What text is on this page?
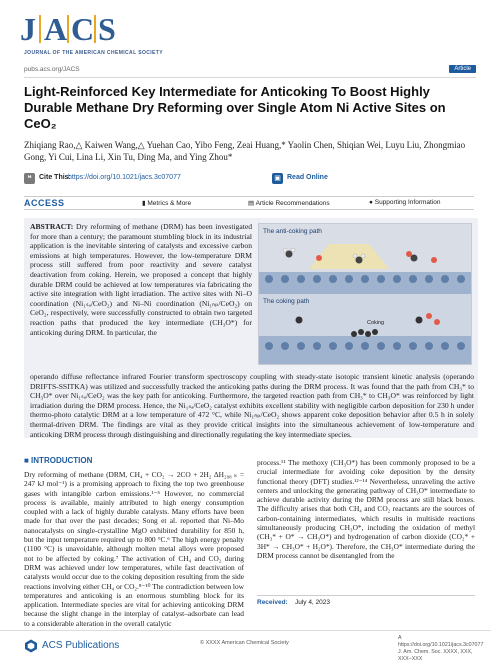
J A C S
JOURNAL OF THE AMERICAN CHEMICAL SOCIETY
pubs.acs.org/JACS	Article
Light-Reinforced Key Intermediate for Anticoking To Boost Highly Durable Methane Dry Reforming over Single Atom Ni Active Sites on CeO₂
Zhiqiang Rao,△ Kaiwen Wang,△ Yuehan Cao, Yibo Feng, Zeai Huang,* Yaolin Chen, Shiqian Wei, Luyu Liu, Zhongmiao Gong, Yi Cui, Lina Li, Xin Tu, Ding Ma, and Ying Zhou*
❝	Cite This:
https://doi.org/10.1021/jacs.3c07077	▣ Read Online
ACCESS	▮ Metrics & More	▤ Article Recommendations	● Supporting Information

ABSTRACT: Dry reforming of methane (DRM) has been investigated for more than a century; the paramount stumbling block in its industrial application is the inevitable sintering of catalysts and excessive carbon emissions at high temperatures. However, the low-temperature DRM process still suffered from poor reactivity and severe catalyst deactivation from coking. Herein, we proposed a concept that highly durable DRM could be achieved at low temperatures via fabricating the active site integration with light irradiation. The active sites with Ni–O coordination (Ni₁ₛₐ/CeO₂) and Ni–Ni coordination (Ni₁ₙₚ/CeO₂) on CeO₂, respectively, were successfully constructed to obtain two targeted reaction paths that produced the key intermediate (CH₃O*) for anticoking during DRM. In particular, the

The anti-coking path
The coking path
Coking

operando diffuse reflectance infrared Fourier transform spectroscopy coupling with steady-state isotopic transient kinetic analysis (operando DRIFTS-SSITKA) was utilized and successfully tracked the anticoking paths during the DRM process. It was found that the path from CH₃* to CH₃O* over Ni₁ₛₐ/CeO₂ was the key path for anticoking. Furthermore, the targeted reaction path from CH₃* to CH₃O* was reinforced by light irradiation during the DRM process. Hence, the Ni₁ₛₐ/CeO₂ catalyst exhibits excellent stability with negligible carbon deposition for 230 h under thermo-photo catalytic DRM at a low temperature of 472 °C, while Ni₁ₙₚ/CeO₂ shows apparent coke deposition behavior after 0.5 h in solely thermal-driven DRM. The findings are vital as they provide critical insights into the simultaneous achievement of low-temperature and anticoking DRM process through distinguishing and directionally regulating the key intermediate species.

■ INTRODUCTION

Dry reforming of methane (DRM, CH₄ + CO₂ → 2CO + 2H₂ ΔH₂₉₈ ₖ = 247 kJ mol⁻¹) is a promising approach to fixing the top two greenhouse gases with intangible carbon emissions.¹⁻⁵ However, no commercial process is available, mainly attributed to high energy consumption coupled with a lack of highly durable catalysts. Many efforts have been made for that over the past decades; Song et al. reported that Ni–Mo nanocatalysts on single-crystalline MgO exhibited durability for 850 h, but the input temperature required up to 800 °C.⁶ The high energy penalty (1100 °C) is unavoidable, although molten metal alloys were proposed not to be affected by coking.⁷ The activation of CH₄ and CO₂ during DRM was achieved under low temperatures, while fast deactivation of catalysts would occur due to the coking deposition resulting from the side reactions involving either CH₄ or CO₂.⁸⁻¹⁰ The contradiction between low temperatures and anticoking is an enormous stumbling block for its application. Intermediate species are vital for achieving anticoking DRM because the slight change in the interplay of catalyst–adsorbate can lead to a considerable alteration in the overall catalytic

process.¹¹ The methoxy (CH₃O*) has been commonly proposed to be a crucial intermediate for avoiding coke deposition by the density functional theory (DFT) studies.¹²⁻¹⁴ Nevertheless, unraveling the active centers and unlocking the generating pathway of CH₃O* intermediate to achieve durable activity during the DRM process are still black boxes. The difficulty arises that both CH₄ and CO₂ reactants are the sources of carbon-containing intermediates, which results in multiside reactions simultaneously producing CH₃O*, including the oxidation of methyl (CH₃* + O* → CH₃O*) and hydrogenation of carbon dioxide (CO₂* + 3H* → CH₃O* + H₂O*). Therefore, the CH₃O* intermediate during the DRM process cannot be disentangled from the

Received: July 4, 2023
ACS Publications	© XXXX American Chemical Society
A
https://doi.org/10.1021/jacs.3c07077
J. Am. Chem. Soc. XXXX, XXX, XXX−XXX
